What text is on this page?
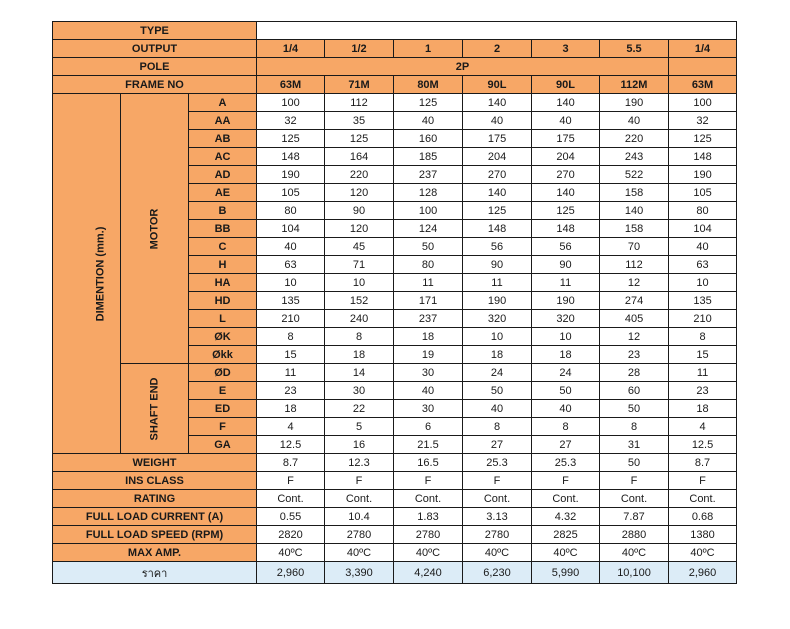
TYPE									
OUTPUT			1/4	1/2	1	2	3	5.5	1/4
POLE			2P						
FRAME NO			63M	71M	80M	90L	90L	112M	63M
DIMENTION (mm.)	MOTOR	A	100	112	125	140	140	190	100
		AA	32	35	40	40	40	40	32
		AB	125	125	160	175	175	220	125
		AC	148	164	185	204	204	243	148
		AD	190	220	237	270	270	522	190
		AE	105	120	128	140	140	158	105
		B	80	90	100	125	125	140	80
		BB	104	120	124	148	148	158	104
		C	40	45	50	56	56	70	40
		H	63	71	80	90	90	112	63
		HA	10	10	11	11	11	12	10
		HD	135	152	171	190	190	274	135
		L	210	240	237	320	320	405	210
		ØK	8	8	18	10	10	12	8
		Økk	15	18	19	18	18	23	15
	SHAFT END	ØD	11	14	30	24	24	28	11
		E	23	30	40	50	50	60	23
		ED	18	22	30	40	40	50	18
		F	4	5	6	8	8	8	4
		GA	12.5	16	21.5	27	27	31	12.5
WEIGHT			8.7	12.3	16.5	25.3	25.3	50	8.7
INS CLASS			F	F	F	F	F	F	F
RATING			Cont.	Cont.	Cont.	Cont.	Cont.	Cont.	Cont.
FULL LOAD CURRENT (A)			0.55	10.4	1.83	3.13	4.32	7.87	0.68
FULL LOAD SPEED (RPM)			2820	2780	2780	2780	2825	2880	1380
MAX AMP.			40ºC	40ºC	40ºC	40ºC	40ºC	40ºC	40ºC
ราคา			2,960	3,390	4,240	6,230	5,990	10,100	2,960
